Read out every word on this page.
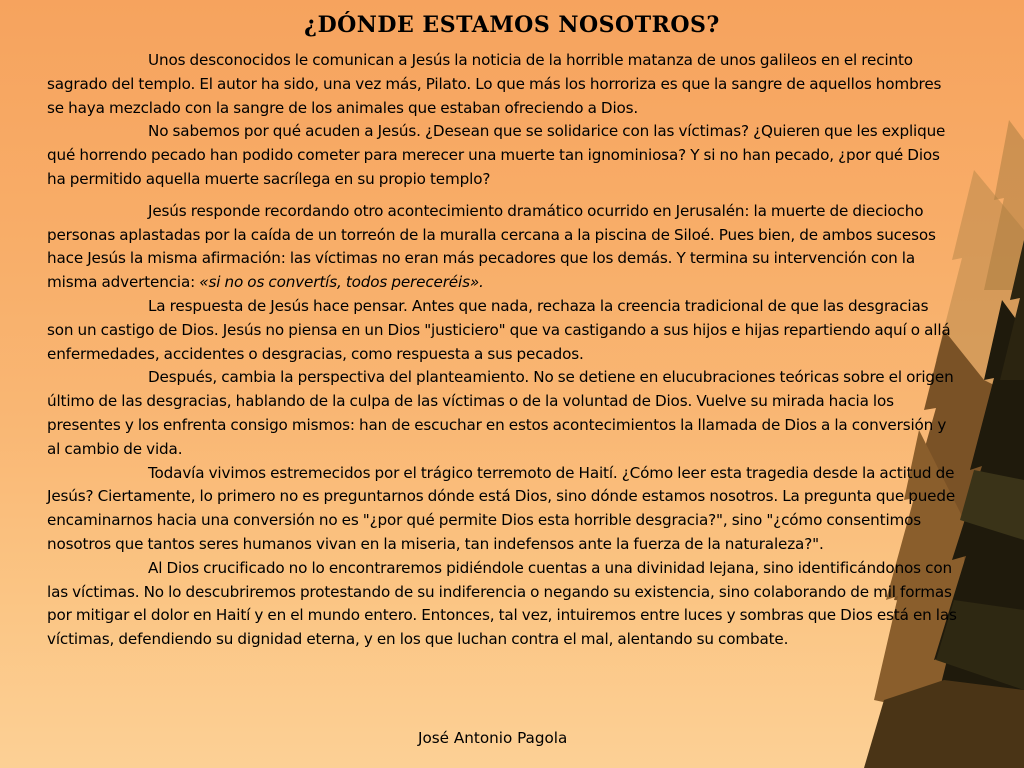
¿DÓNDE ESTAMOS NOSOTROS?

Unos desconocidos le comunican a Jesús la noticia de la horrible matanza de unos galileos en el recinto sagrado del templo. El autor ha sido, una vez más, Pilato. Lo que más los horroriza es que la sangre de aquellos hombres se haya mezclado con la sangre de los animales que estaban ofreciendo a Dios.

No sabemos por qué acuden a Jesús. ¿Desean que se solidarice con las víctimas? ¿Quieren que les explique qué horrendo pecado han podido cometer para merecer una muerte tan ignominiosa? Y si no han pecado, ¿por qué Dios ha permitido aquella muerte sacrílega en su propio templo?

Jesús responde recordando otro acontecimiento dramático ocurrido en Jerusalén: la muerte de dieciocho personas aplastadas por la caída de un torreón de la muralla cercana a la piscina de Siloé. Pues bien, de ambos sucesos hace Jesús la misma afirmación: las víctimas no eran más pecadores que los demás. Y termina su intervención con la misma advertencia: «si no os convertís, todos pereceréis».

La respuesta de Jesús hace pensar. Antes que nada, rechaza la creencia tradicional de que las desgracias son un castigo de Dios. Jesús no piensa en un Dios "justiciero" que va castigando a sus hijos e hijas repartiendo aquí o allá enfermedades, accidentes o desgracias, como respuesta a sus pecados.

Después, cambia la perspectiva del planteamiento. No se detiene en elucubraciones teóricas sobre el origen último de las desgracias, hablando de la culpa de las víctimas o de la voluntad de Dios. Vuelve su mirada hacia los presentes y los enfrenta consigo mismos: han de escuchar en estos acontecimientos la llamada de Dios a la conversión y al cambio de vida.

Todavía vivimos estremecidos por el trágico terremoto de Haití. ¿Cómo leer esta tragedia desde la actitud de Jesús? Ciertamente, lo primero no es preguntarnos dónde está Dios, sino dónde estamos nosotros. La pregunta que puede encaminarnos hacia una conversión no es "¿por qué permite Dios esta horrible desgracia?", sino "¿cómo consentimos nosotros que tantos seres humanos vivan en la miseria, tan indefensos ante la fuerza de la naturaleza?".

Al Dios crucificado no lo encontraremos pidiéndole cuentas a una divinidad lejana, sino identificándonos con las víctimas. No lo descubriremos protestando de su indiferencia o negando su existencia, sino colaborando de mil formas por mitigar el dolor en Haití y en el mundo entero. Entonces, tal vez, intuiremos entre luces y sombras que Dios está en las víctimas, defendiendo su dignidad eterna, y en los que luchan contra el mal, alentando su combate.

José Antonio Pagola
